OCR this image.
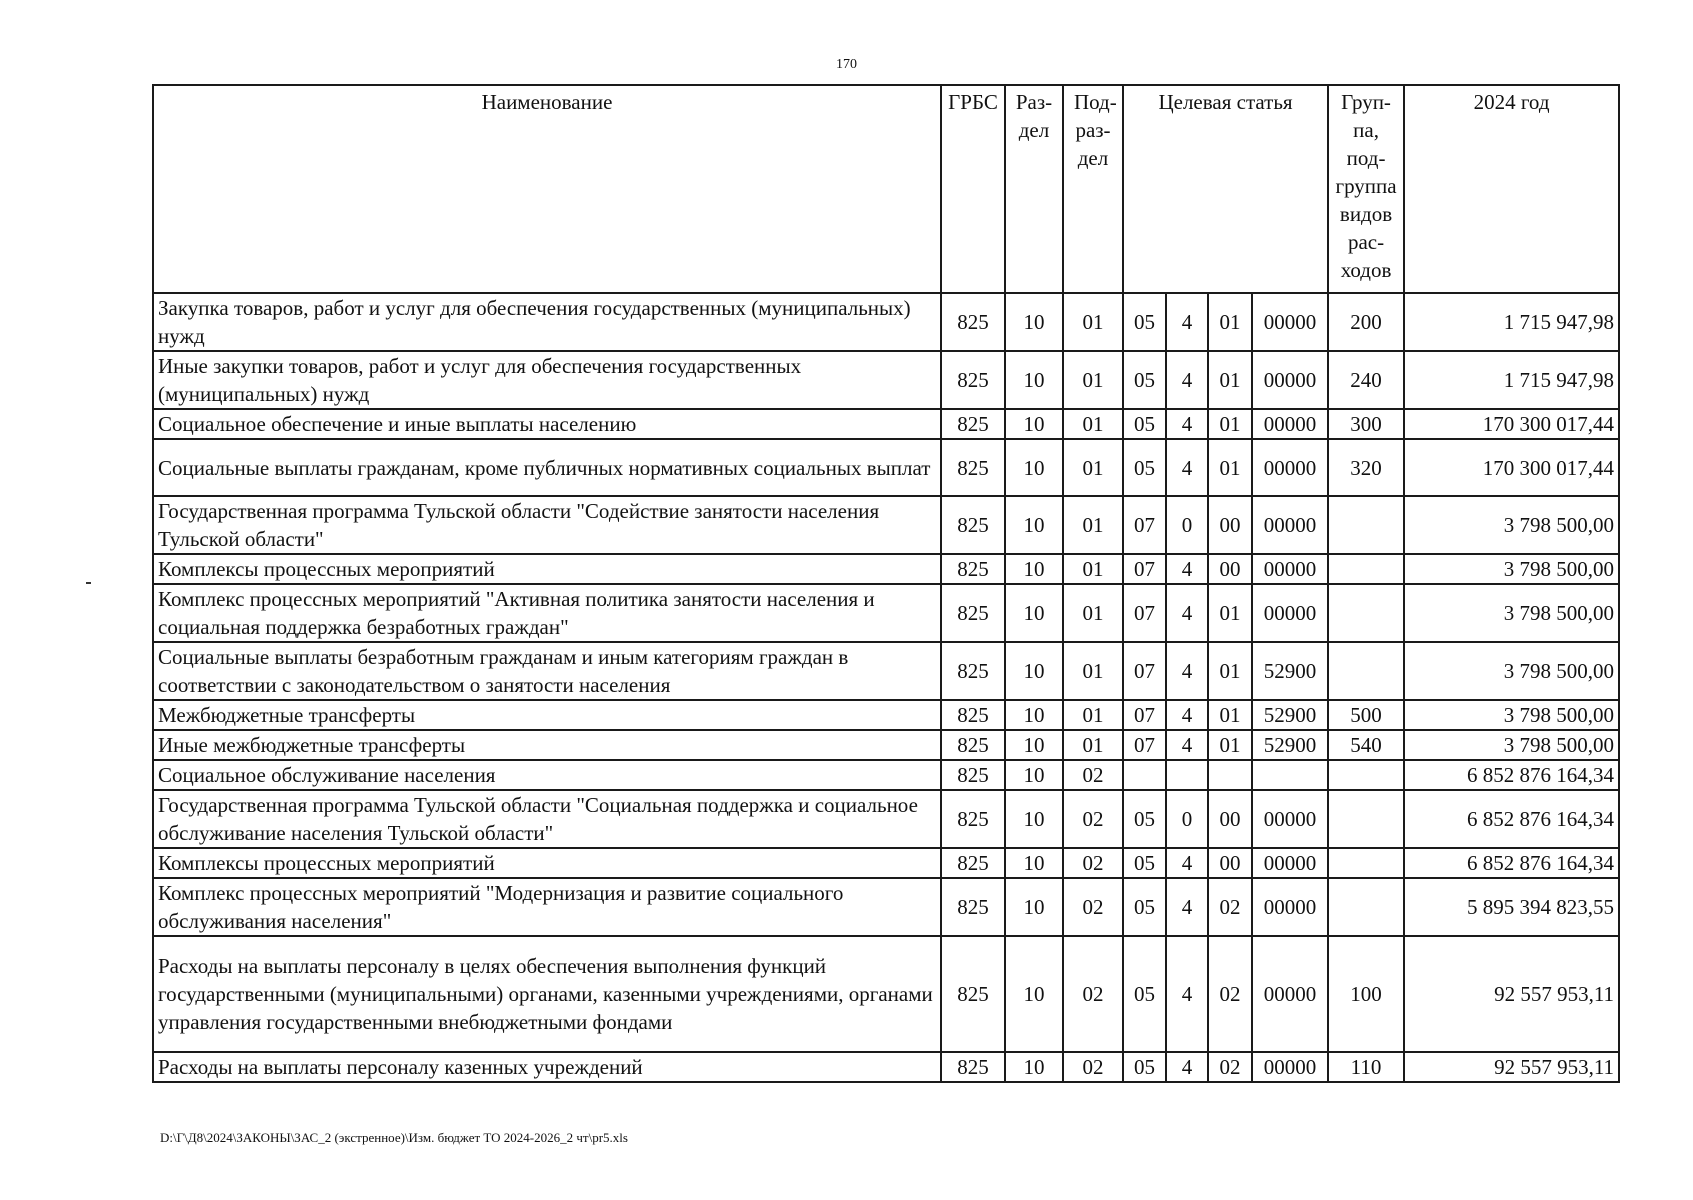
170
Наименование	ГРБС	Раз-дел	Под-раз-дел	Целевая статья				Груп-па, под-группа видов рас-ходов	2024 год
Закупка товаров, работ и услуг для обеспечения государственных (муниципальных) нужд	825	10	01	05	4	01	00000	200	1 715 947,98
Иные закупки товаров, работ и услуг для обеспечения государственных (муниципальных) нужд	825	10	01	05	4	01	00000	240	1 715 947,98
Социальное обеспечение и иные выплаты населению	825	10	01	05	4	01	00000	300	170 300 017,44
Социальные выплаты гражданам, кроме публичных нормативных социальных выплат	825	10	01	05	4	01	00000	320	170 300 017,44
Государственная программа Тульской области "Содействие занятости населения Тульской области"	825	10	01	07	0	00	00000		3 798 500,00
Комплексы процессных мероприятий	825	10	01	07	4	00	00000		3 798 500,00
Комплекс процессных мероприятий "Активная политика занятости населения и социальная поддержка безработных граждан"	825	10	01	07	4	01	00000		3 798 500,00
Социальные выплаты безработным гражданам и иным категориям граждан в соответствии с законодательством о занятости населения	825	10	01	07	4	01	52900		3 798 500,00
Межбюджетные трансферты	825	10	01	07	4	01	52900	500	3 798 500,00
Иные межбюджетные трансферты	825	10	01	07	4	01	52900	540	3 798 500,00
Социальное обслуживание населения	825	10	02						6 852 876 164,34
Государственная программа Тульской области "Социальная поддержка и социальное обслуживание населения Тульской области"	825	10	02	05	0	00	00000		6 852 876 164,34
Комплексы процессных мероприятий	825	10	02	05	4	00	00000		6 852 876 164,34
Комплекс процессных мероприятий "Модернизация и развитие социального обслуживания населения"	825	10	02	05	4	02	00000		5 895 394 823,55
Расходы на выплаты персоналу в целях обеспечения выполнения функций государственными (муниципальными) органами, казенными учреждениями, органами управления государственными внебюджетными фондами	825	10	02	05	4	02	00000	100	92 557 953,11
Расходы на выплаты персоналу казенных учреждений	825	10	02	05	4	02	00000	110	92 557 953,11
D:\Г\Д8\2024\ЗАКОНЫ\ЗАС_2 (экстренное)\Изм. бюджет ТО 2024-2026_2 чт\pr5.xls
